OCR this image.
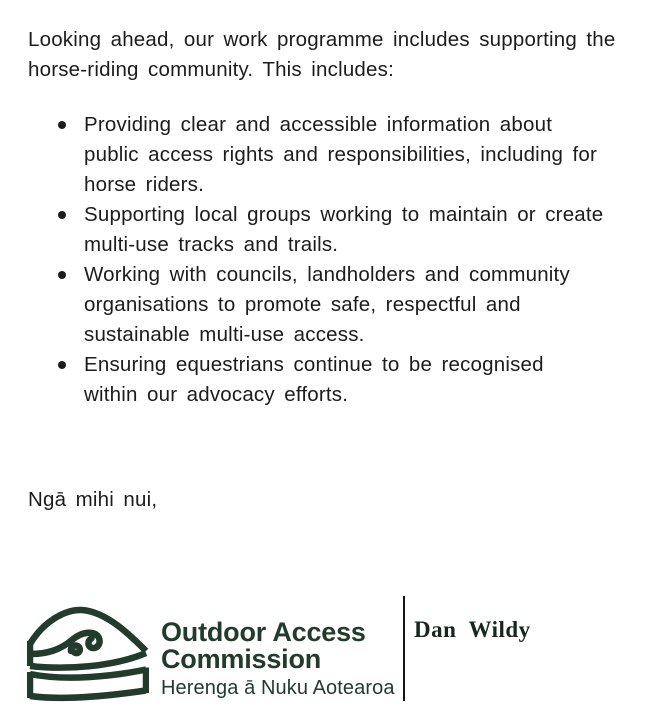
Looking ahead, our work programme includes supporting the horse-riding community. This includes:

Providing clear and accessible information about public access rights and responsibilities, including for horse riders.
Supporting local groups working to maintain or create multi-use tracks and trails.
Working with councils, landholders and community organisations to promote safe, respectful and sustainable multi-use access.
Ensuring equestrians continue to be recognised within our advocacy efforts.

Ngā mihi nui,

Outdoor Access
Commission
Herenga ā Nuku Aotearoa
Dan  Wildy
